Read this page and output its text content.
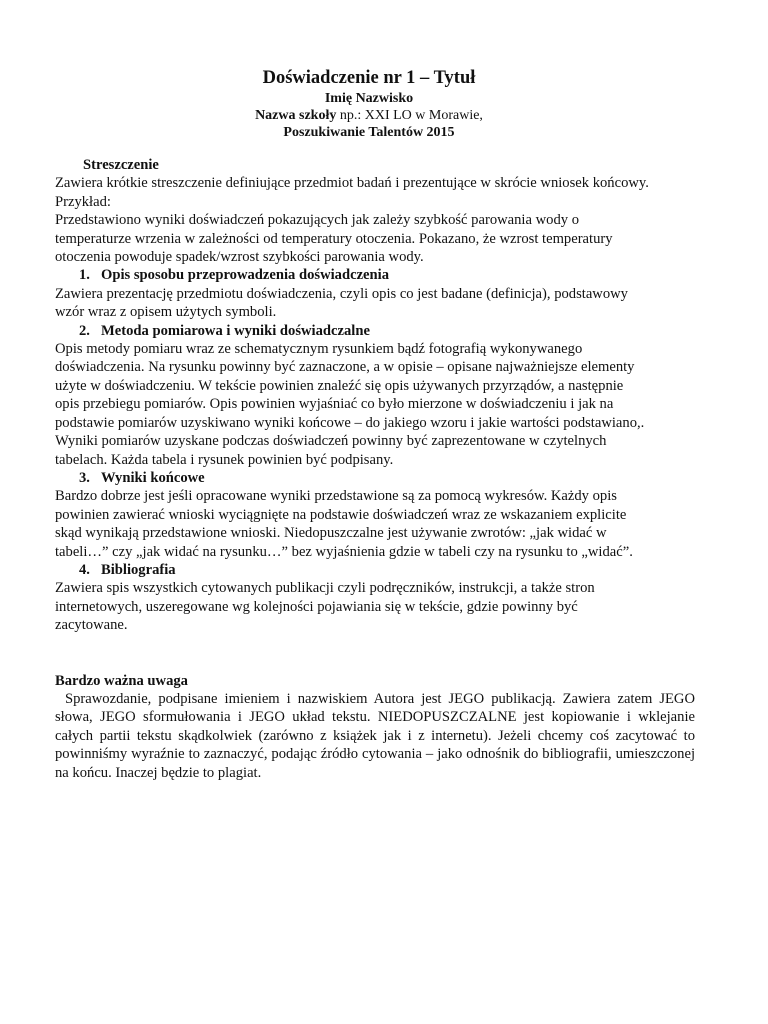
Doświadczenie nr 1 – Tytuł

Imię Nazwisko

Nazwa szkoły np.: XXI LO w Morawie,

Poszukiwanie Talentów 2015

Streszczenie

Zawiera krótkie streszczenie definiujące przedmiot badań i prezentujące w skrócie wniosek końcowy.

Przykład:

Przedstawiono wyniki doświadczeń pokazujących jak zależy szybkość parowania wody o

temperaturze wrzenia w zależności od temperatury otoczenia. Pokazano, że wzrost temperatury

otoczenia powoduje spadek/wzrost szybkości parowania wody.

1. Opis sposobu przeprowadzenia doświadczenia

Zawiera prezentację przedmiotu doświadczenia, czyli opis co jest badane (definicja), podstawowy

wzór wraz z opisem użytych symboli.

2. Metoda pomiarowa i wyniki doświadczalne

Opis metody pomiaru wraz ze schematycznym rysunkiem bądź fotografią wykonywanego

doświadczenia. Na rysunku powinny być zaznaczone, a w opisie – opisane najważniejsze elementy

użyte w doświadczeniu. W tekście powinien znaleźć się opis używanych przyrządów, a następnie

opis przebiegu pomiarów. Opis powinien wyjaśniać co było mierzone w doświadczeniu i jak na

podstawie pomiarów uzyskiwano wyniki końcowe – do jakiego wzoru i jakie wartości podstawiano,.

Wyniki pomiarów uzyskane podczas doświadczeń powinny być zaprezentowane w czytelnych

tabelach. Każda tabela i rysunek powinien być podpisany.

3. Wyniki końcowe

Bardzo dobrze jest jeśli opracowane wyniki przedstawione są za pomocą wykresów. Każdy opis

powinien zawierać wnioski wyciągnięte na podstawie doświadczeń wraz ze wskazaniem explicite

skąd wynikają przedstawione wnioski. Niedopuszczalne jest używanie zwrotów: „jak widać w

tabeli…” czy „jak widać na rysunku…” bez wyjaśnienia gdzie w tabeli czy na rysunku to „widać”.

4. Bibliografia

Zawiera spis wszystkich cytowanych publikacji czyli podręczników, instrukcji, a także stron

internetowych, uszeregowane wg kolejności pojawiania się w tekście, gdzie powinny być

zacytowane.

Bardzo ważna uwaga

Sprawozdanie, podpisane imieniem i nazwiskiem Autora jest JEGO publikacją. Zawiera zatem JEGO słowa, JEGO sformułowania i JEGO układ tekstu. NIEDOPUSZCZALNE jest kopiowanie i wklejanie całych partii tekstu skądkolwiek (zarówno z książek jak i z internetu). Jeżeli chcemy coś zacytować to powinniśmy wyraźnie to zaznaczyć, podając źródło cytowania – jako odnośnik do bibliografii, umieszczonej na końcu. Inaczej będzie to plagiat.
